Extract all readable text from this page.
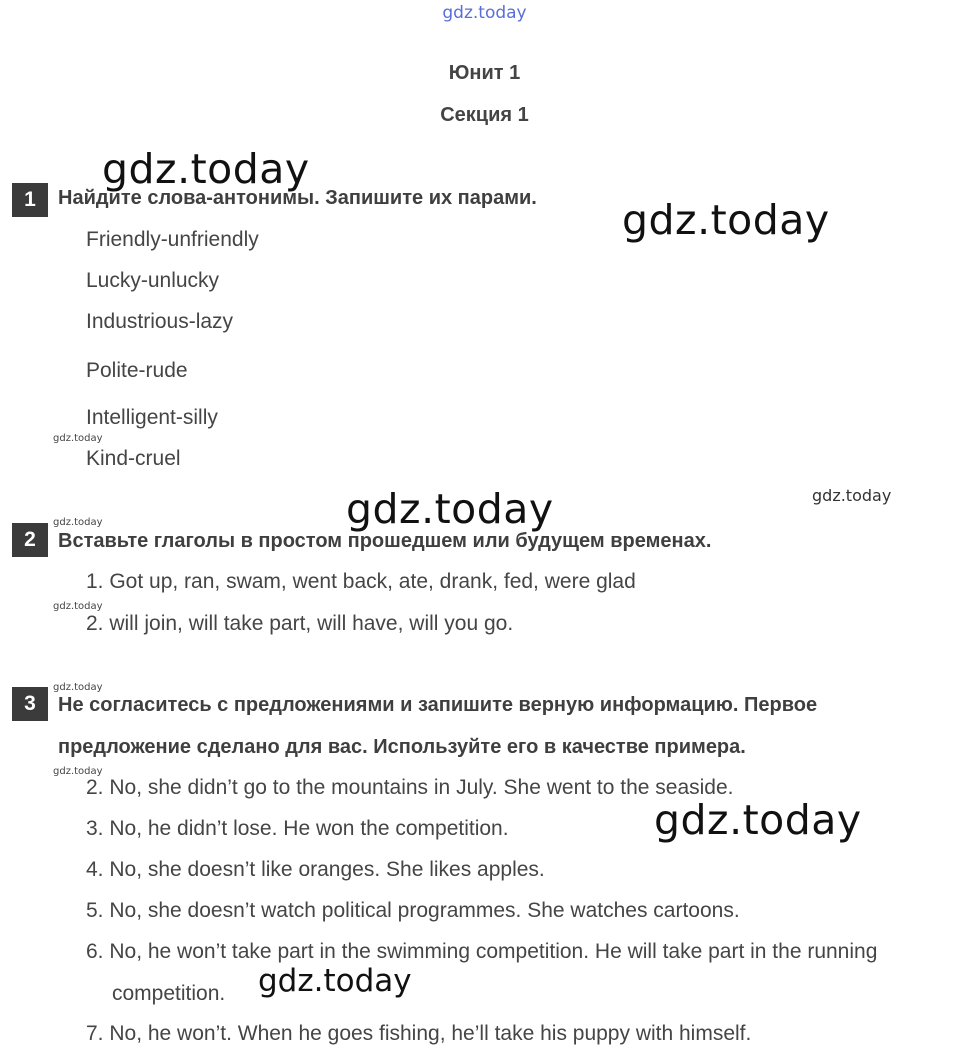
gdz.today
Юнит 1
Секция 1
1	Найдите слова-антонимы. Запишите их парами.
Friendly-unfriendly
Lucky-unlucky
Industrious-lazy
Polite-rude
Intelligent-silly
Kind-cruel
2	Вставьте глаголы в простом прошедшем или будущем временах.
1. Got up, ran, swam, went back, ate, drank, fed, were glad
2. will join, will take part, will have, will you go.
3	Не согласитесь с предложениями и запишите верную информацию. Первое
предложение сделано для вас. Используйте его в качестве примера.
2. No, she didn’t go to the mountains in July. She went to the seaside.
3. No, he didn’t lose. He won the competition.
4. No, she doesn’t like oranges. She likes apples.
5. No, she doesn’t watch political programmes. She watches cartoons.
6. No, he won’t take part in the swimming competition. He will take part in the running
competition.
7. No, he won’t. When he goes fishing, he’ll take his puppy with himself.
gdz.today
gdz.today
gdz.today
gdz.today
gdz.today
gdz.today
gdz.today
gdz.today
gdz.today
gdz.today
gdz.today
